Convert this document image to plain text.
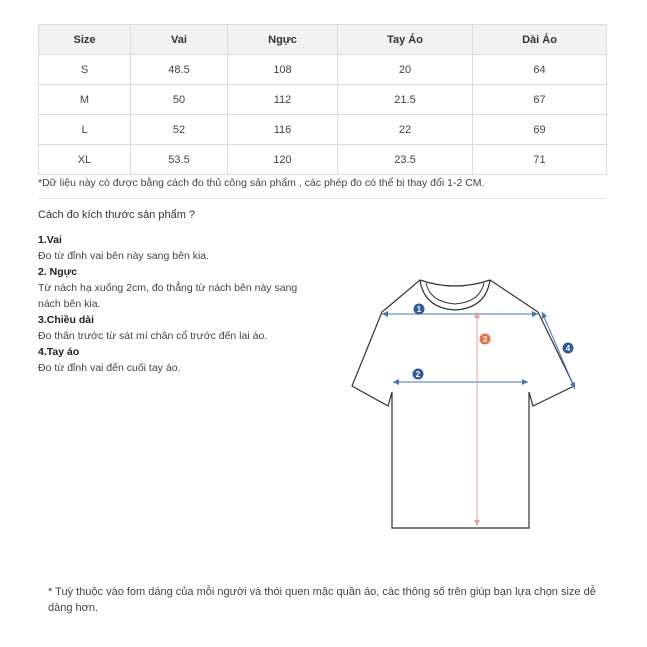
Size	Vai	Ngực	Tay Áo	Dài Áo
S	48.5	108	20	64
M	50	112	21.5	67
L	52	116	22	69
XL	53.5	120	23.5	71
*Dữ liệu này có được bằng cách đo thủ công sản phẩm , các phép đo có thể bị thay đổi 1-2 CM.
Cách đo kích thước sản phẩm ?
1.Vai
Đo từ đỉnh vai bên này sang bên kia.
2. Ngực
Từ nách hạ xuống 2cm, đo thẳng từ nách bên này sang nách bên kia.
3.Chiều dài
Đo thân trước từ sát mí chân cổ trước đến lai áo.
4.Tay áo
Đo từ đỉnh vai đến cuối tay áo.
1
2
3
4
* Tuỳ thuộc vào fom dáng của mỗi người và thói quen mặc quần áo, các thông số trên giúp bạn lựa chọn size dễ dàng hơn.
